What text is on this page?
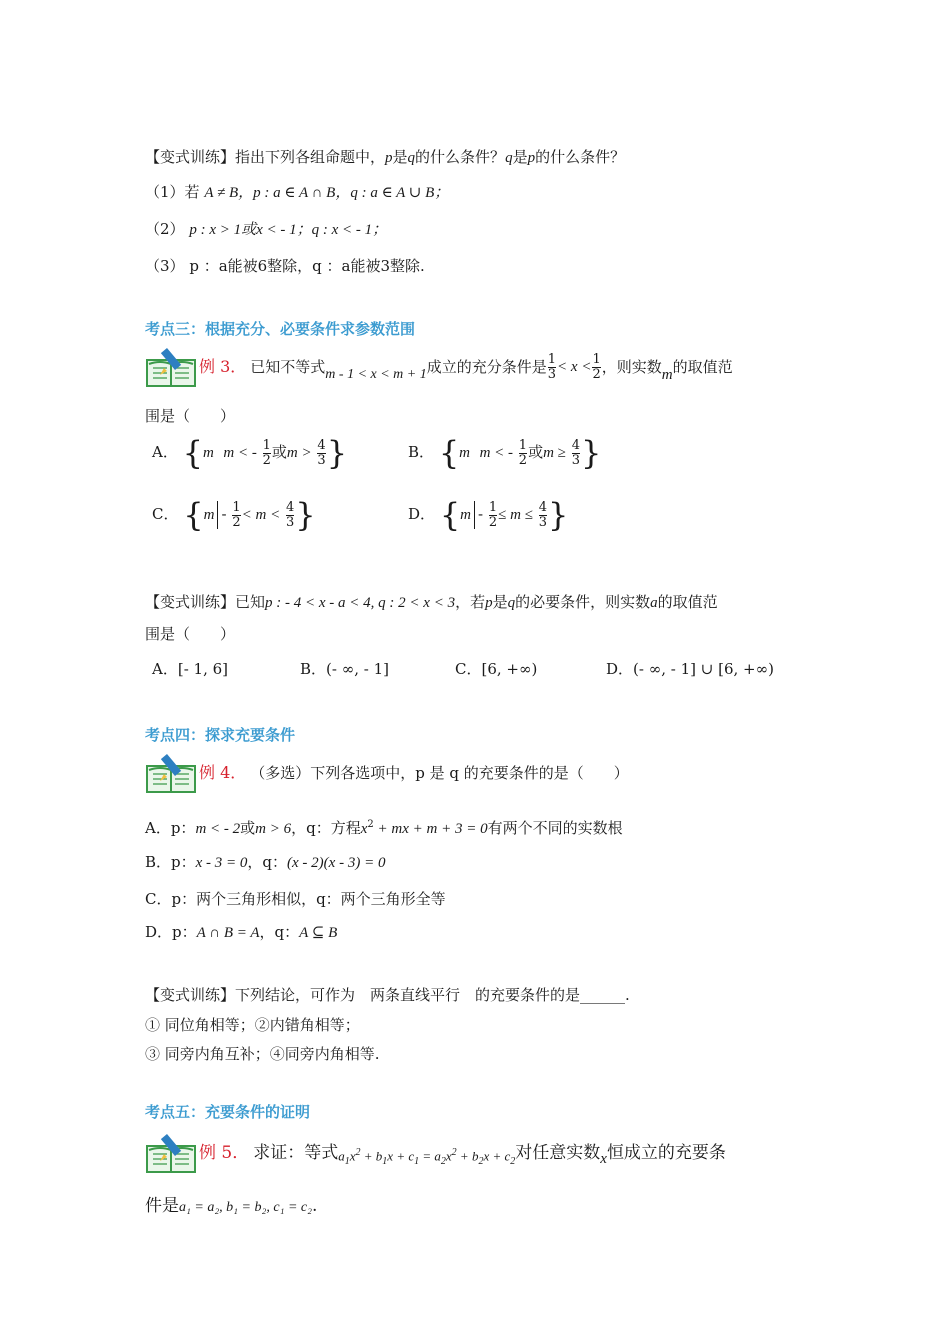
【变式训练】指出下列各组命题中，p是q的什么条件？q是p的什么条件？
（1）若 A ≠ B，p : a ∈ A ∩ B，q : a ∈ A ∪ B；
（2） p : x > 1或x < - 1；q : x < - 1；
（3） p ：a能被6整除，q ：a能被3整除.
考点三：根据充分、必要条件求参数范围
例 3． 已知不等式 m - 1 < x < m + 1 成立的充分条件是 $\frac{1}{3} < x < \frac{1}{2}$ ，则实数 m 的取值范
围是（　　）
A． {m m < - $\frac{1}{2}$ 或$m > \frac{4}{3}$ }	B． {m m < - $\frac{1}{2}$ 或$m \ge \frac{4}{3}$ }
C． {$m - \frac{1}{2} < m < \frac{4}{3}$ }	D． {$m - \frac{1}{2} \le m \le \frac{4}{3}$ }
【变式训练】已知p : - 4 < x - a < 4, q : 2 < x < 3，若p是q的必要条件，则实数a的取值范
围是（　　）
A．[- 1, 6]	B．(- ∞, - 1]	C．[6, +∞)	D．(- ∞, - 1] ∪ [6, +∞)
考点四：探求充要条件
例 4． （多选）下列各选项中，p 是 q 的充要条件的是（　　）
A．p：m < - 2或m > 6，q：方程$x^2$ + mx + m + 3 = 0有两个不同的实数根
B．p：x - 3 = 0，q：(x - 2)(x - 3) = 0
C．p：两个三角形相似，q：两个三角形全等
D．p：A ∩ B = A，q：A ⊆ B
【变式训练】下列结论，可作为　两条直线平行　的充要条件的是______.
① 同位角相等；②内错角相等；
③ 同旁内角互补；④同旁内角相等.
考点五：充要条件的证明
例 5． 求证：等式 $a_1x^2 + b_1x + c_1 = a_2x^2 + b_2x + c_2$ 对任意实数 x 恒成立的充要条
件是a₁ = a₂, b₁ = b₂, c₁ = c₂.
